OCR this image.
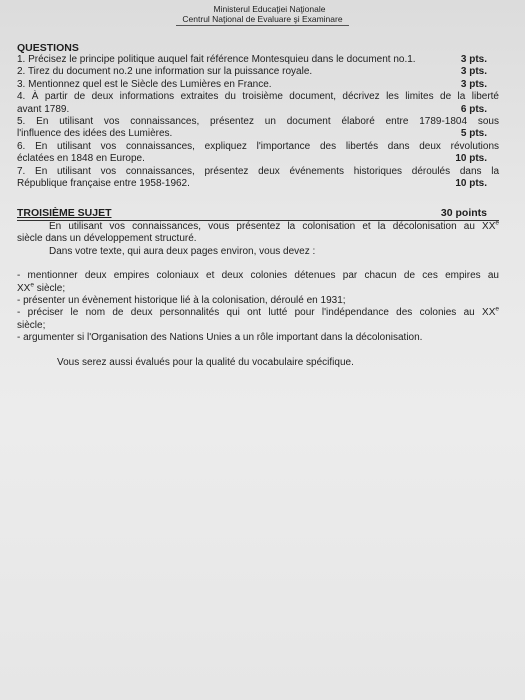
Ministerul Educaţiei Naţionale
Centrul Naţional de Evaluare şi Examinare
QUESTIONS
1. Précisez le principe politique auquel fait référence Montesquieu dans le document no.1.	3 pts.
2. Tirez du document no.2 une information sur la puissance royale.	3 pts.
3. Mentionnez quel est le Siècle des Lumières en France.	3 pts.
4. À partir de deux informations extraites du troisième document, décrivez les limites de la liberté
avant 1789.	6 pts.
5. En utilisant vos connaissances, présentez un document élaboré entre 1789-1804 sous
l'influence des idées des Lumières.	5 pts.
6. En utilisant vos connaissances, expliquez l'importance des libertés dans deux révolutions
éclatées en 1848 en Europe.	10 pts.
7. En utilisant vos connaissances, présentez deux événements historiques déroulés dans la
République française entre 1958-1962.	10 pts.
TROISIÈME SUJET	30 points
En utilisant vos connaissances, vous présentez la colonisation et la décolonisation au XXe
siècle dans un développement structuré.
Dans votre texte, qui aura deux pages environ, vous devez :
- mentionner deux empires coloniaux et deux colonies détenues par chacun de ces empires au
XXe siècle;
- présenter un évènement historique lié à la colonisation, déroulé en 1931;
- préciser le nom de deux personnalités qui ont lutté pour l'indépendance des colonies au XXe
siècle;
- argumenter si l'Organisation des Nations Unies a un rôle important dans la décolonisation.
Vous serez aussi évalués pour la qualité du vocabulaire spécifique.
